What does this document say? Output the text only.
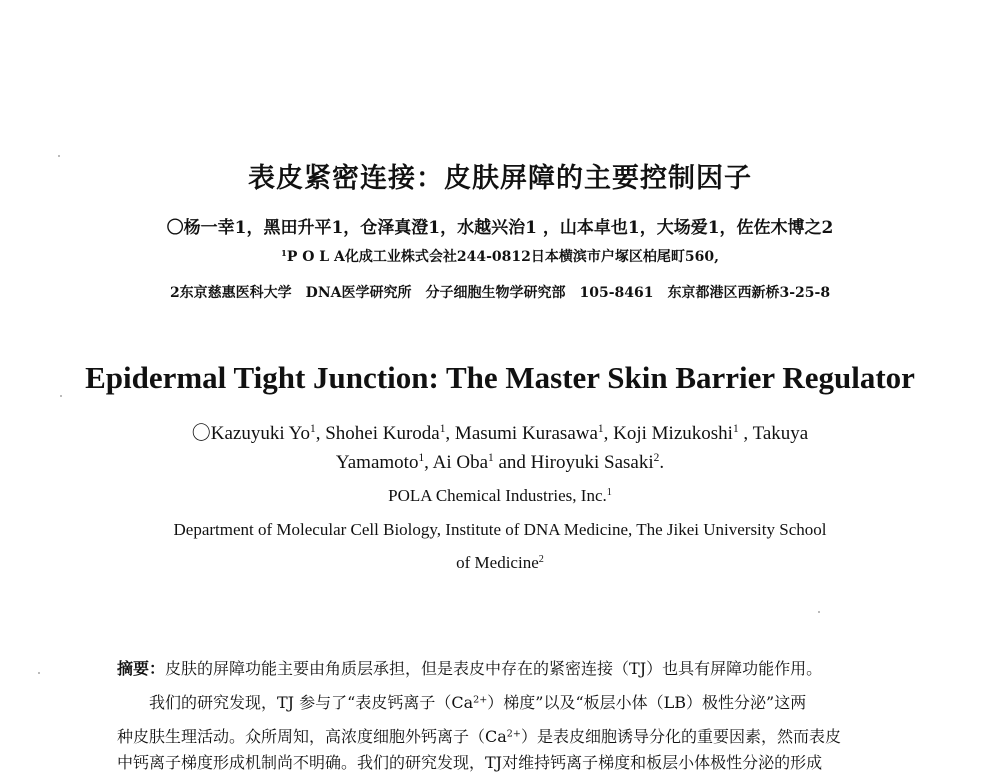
表皮紧密连接：皮肤屏障的主要控制因子
〇杨一幸1，黑田升平1，仓泽真澄1，水越兴治1 ，山本卓也1，大场爱1，佐佐木博之2
$^1$P O L A化成工业株式会社244-0812日本横滨市户塚区柏尾町560,
2东京慈惠医科大学　DNA医学研究所　分子细胞生物学研究部　105-8461　东京都港区西新桥3-25-8
Epidermal Tight Junction: The Master Skin Barrier Regulator
〇Kazuyuki Yo$^1$, Shohei Kuroda$^1$, Masumi Kurasawa$^1$, Koji Mizukoshi$^1$ , Takuya
Yamamoto$^1$, Ai Oba$^1$ and Hiroyuki Sasaki$^2$.
POLA Chemical Industries, Inc.$^1$
Department of Molecular Cell Biology, Institute of DNA Medicine, The Jikei University School
of Medicine$^2$
摘要：皮肤的屏障功能主要由角质层承担，但是表皮中存在的紧密连接（TJ）也具有屏障功能作用。
我们的研究发现，TJ 参与了“表皮钙离子$(Ca^{2+})$梯度”以及“板层小体（LB）极性分泌”这两
种皮肤生理活动。众所周知，高浓度细胞外钙离子$(Ca^{2+})$是表皮细胞诱导分化的重要因素，然而表皮
中钙离子梯度形成机制尚不明确。我们的研究发现，TJ对维持钙离子梯度和板层小体极性分泌的形成
